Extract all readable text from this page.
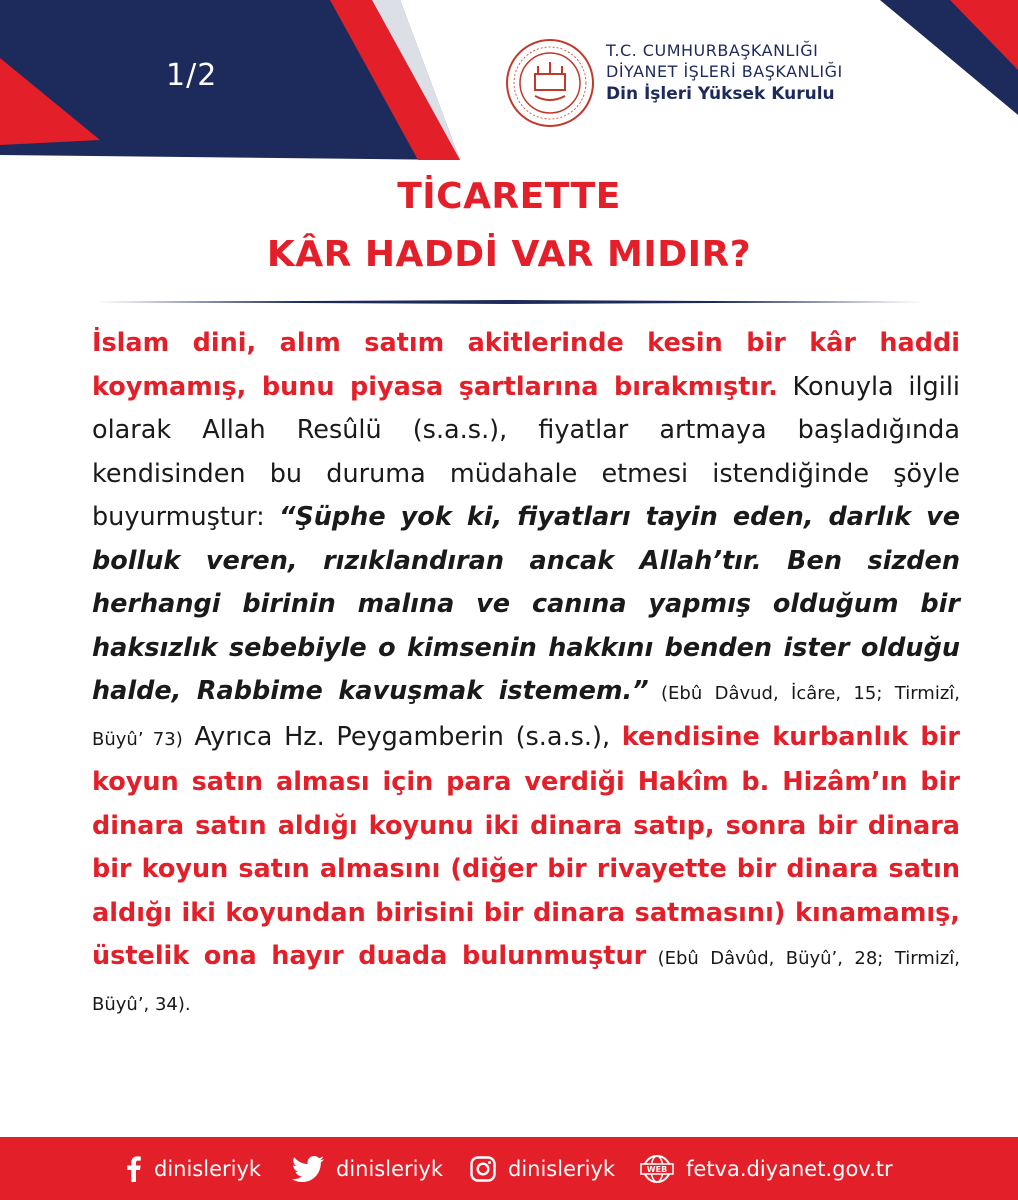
1/2
T.C. CUMHURBAŞKANLIĞI
DİYANET İŞLERİ BAŞKANLIĞI
Din İşleri Yüksek Kurulu
TİCARETTE
KÂR HADDİ VAR MIDIR?
İslam dini, alım satım akitlerinde kesin bir kâr haddi koymamış, bunu piyasa şartlarına bırakmıştır. Konuyla ilgili olarak Allah Resûlü (s.a.s.), fiyatlar artmaya başladığında kendisinden bu duruma müdahale etmesi istendiğinde şöyle buyurmuştur: “Şüphe yok ki, fiyatları tayin eden, darlık ve bolluk veren, rızıklandıran ancak Allah’tır. Ben sizden herhangi birinin malına ve canına yapmış olduğum bir haksızlık sebebiyle o kimsenin hakkını benden ister olduğu halde, Rabbime kavuşmak istemem.” (Ebû Dâvud, İcâre, 15; Tirmizî, Büyû’ 73) Ayrıca Hz. Peygamberin (s.a.s.), kendisine kurbanlık bir koyun satın alması için para verdiği Hakîm b. Hizâm’ın bir dinara satın aldığı koyunu iki dinara satıp, sonra bir dinara bir koyun satın almasını (diğer bir rivayette bir dinara satın aldığı iki koyundan birisini bir dinara satmasını) kınamamış, üstelik ona hayır duada bulunmuştur (Ebû Dâvûd, Büyû’, 28; Tirmizî, Büyû’, 34).
dinisleriyk	dinisleriyk	dinisleriyk	WEB fetva.diyanet.gov.tr
